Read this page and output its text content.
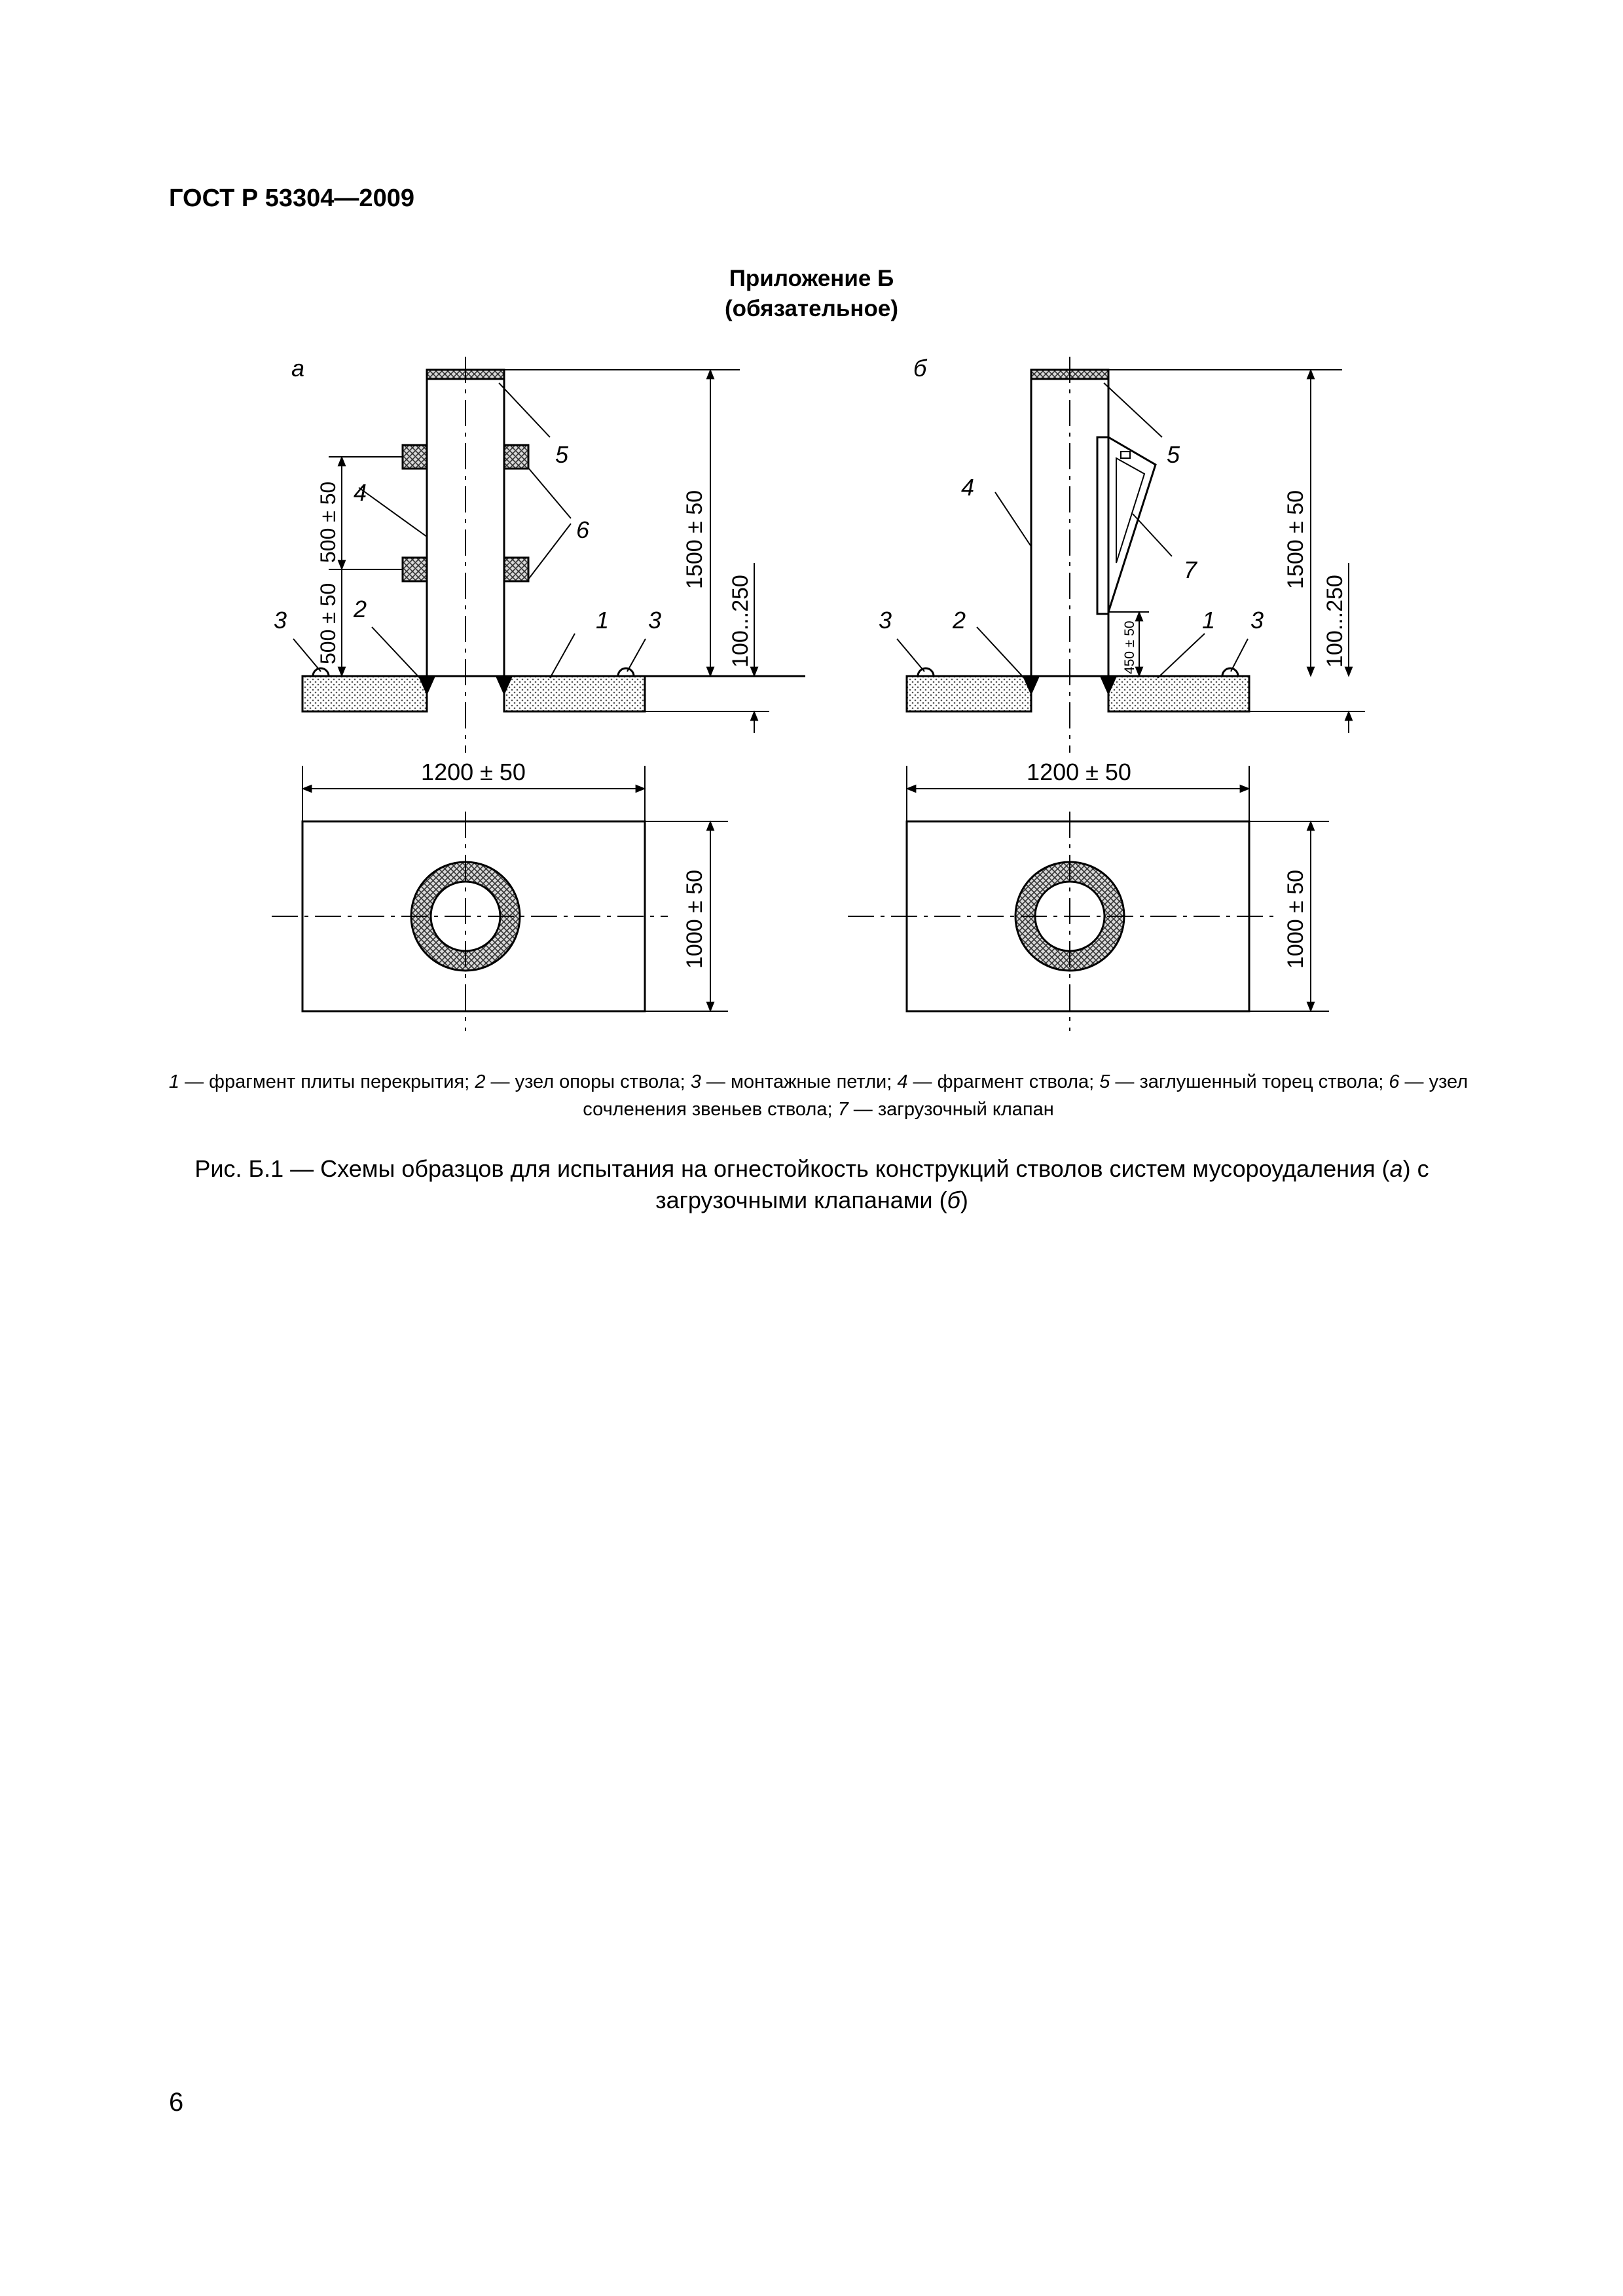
ГОСТ Р 53304—2009
Приложение Б
(обязательное)
а
5
4
6
2
3	1 3
1500 ± 50
100...250
500 ± 50
500 ± 50
1200 ± 50
1000 ± 50
б
5
4
7
2
3	1 3
1500 ± 50
100...250
450 ± 50
1200 ± 50
1000 ± 50
1 — фрагмент плиты перекрытия; 2 — узел опоры ствола; 3 — монтажные петли; 4 — фрагмент ствола; 5 — заглушенный торец ствола; 6 — узел сочленения звеньев ствола; 7 — загрузочный клапан
Рис. Б.1 — Схемы образцов для испытания на огнестойкость конструкций стволов систем мусороудаления (а) с загрузочными клапанами (б)
6
